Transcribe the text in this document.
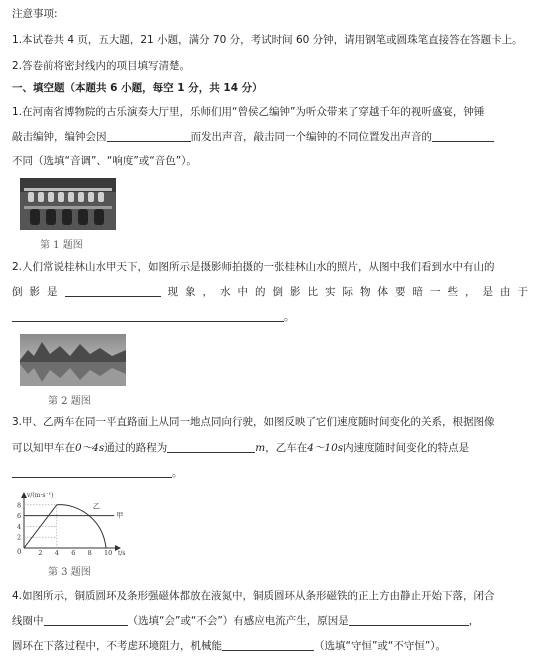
注意事项:
1.本试卷共 4 页，五大题，21 小题，满分 70 分，考试时间 60 分钟，请用钢笔或圆珠笔直接答在答题卡上。
2.答卷前将密封线内的项目填写清楚。
一、填空题（本题共 6 小题，每空 1 分，共 14 分）
1.在河南省博物院的古乐演奏大厅里，乐师们用“曾侯乙编钟”为听众带来了穿越千年的视听盛宴，钟锤
敲击编钟，编钟会因	而发出声音，敲击同一个编钟的不同位置发出声音的
不同（选填“音调”、“响度”或“音色”）。
第 1 题图
2.人们常说桂林山水甲天下，如图所示是摄影师拍摄的一张桂林山水的照片，从图中我们看到水中有山的
倒 影 是	现 象 ， 水 中 的 倒 影 比 实 际 物 体 要 暗 一 些 ， 是 由 于
。
第 2 题图
3.甲、乙两车在同一平直路面上从同一地点同向行驶，如图反映了它们速度随时间变化的关系，根据图像
可以知甲车在0～4s通过的路程为	m，乙车在4～10s内速度随时间变化的特点是
。
v/(m·s⁻¹)
t/s
0	2 4 6 8 10
2
4
6
8
甲
乙
第 3 题图
4.如图所示，铜质圆环及条形强磁体都放在液氮中，铜质圆环从条形磁铁的正上方由静止开始下落，闭合
线圈中	（选填“会”或“不会”）有感应电流产生，原因是	，
圆环在下落过程中，不考虑环境阻力，机械能	（选填“守恒”或“不守恒”）。
